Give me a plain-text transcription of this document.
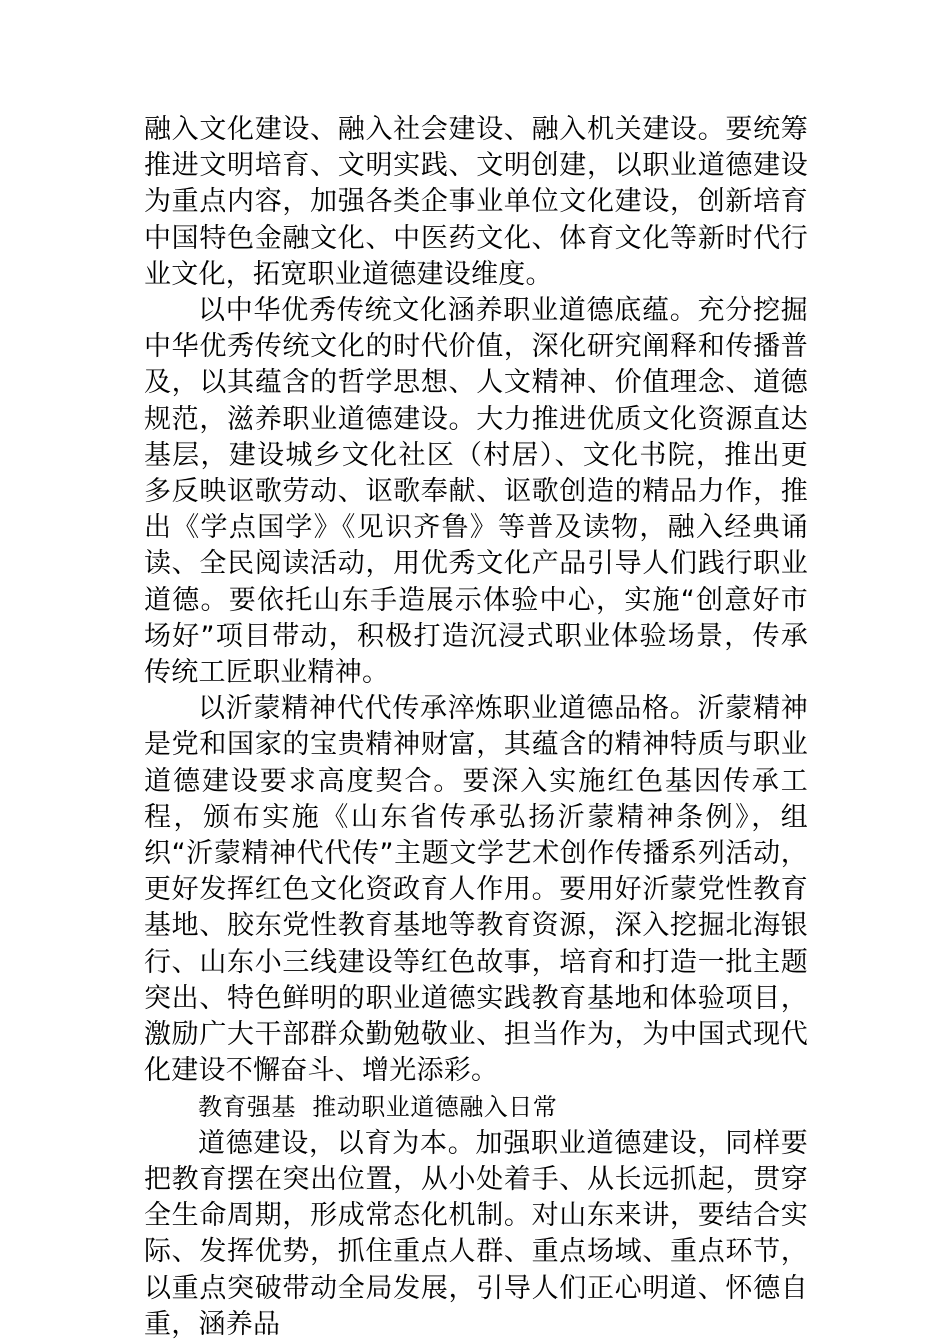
融入文化建设、融入社会建设、融入机关建设。要统筹推进文明培育、文明实践、文明创建，以职业道德建设为重点内容，加强各类企事业单位文化建设，创新培育中国特色金融文化、中医药文化、体育文化等新时代行业文化，拓宽职业道德建设维度。

以中华优秀传统文化涵养职业道德底蕴。充分挖掘中华优秀传统文化的时代价值，深化研究阐释和传播普及，以其蕴含的哲学思想、人文精神、价值理念、道德规范，滋养职业道德建设。大力推进优质文化资源直达基层，建设城乡文化社区（村居）、文化书院，推出更多反映讴歌劳动、讴歌奉献、讴歌创造的精品力作，推出《学点国学》《见识齐鲁》等普及读物，融入经典诵读、全民阅读活动，用优秀文化产品引导人们践行职业道德。要依托山东手造展示体验中心，实施“创意好市场好”项目带动，积极打造沉浸式职业体验场景，传承传统工匠职业精神。

以沂蒙精神代代传承淬炼职业道德品格。沂蒙精神是党和国家的宝贵精神财富，其蕴含的精神特质与职业道德建设要求高度契合。要深入实施红色基因传承工程，颁布实施《山东省传承弘扬沂蒙精神条例》，组织“沂蒙精神代代传”主题文学艺术创作传播系列活动，更好发挥红色文化资政育人作用。要用好沂蒙党性教育基地、胶东党性教育基地等教育资源，深入挖掘北海银行、山东小三线建设等红色故事，培育和打造一批主题突出、特色鲜明的职业道德实践教育基地和体验项目，激励广大干部群众勤勉敬业、担当作为，为中国式现代化建设不懈奋斗、增光添彩。

教育强基  推动职业道德融入日常

道德建设，以育为本。加强职业道德建设，同样要把教育摆在突出位置，从小处着手、从长远抓起，贯穿全生命周期，形成常态化机制。对山东来讲，要结合实际、发挥优势，抓住重点人群、重点场域、重点环节，以重点突破带动全局发展，引导人们正心明道、怀德自重，涵养品
